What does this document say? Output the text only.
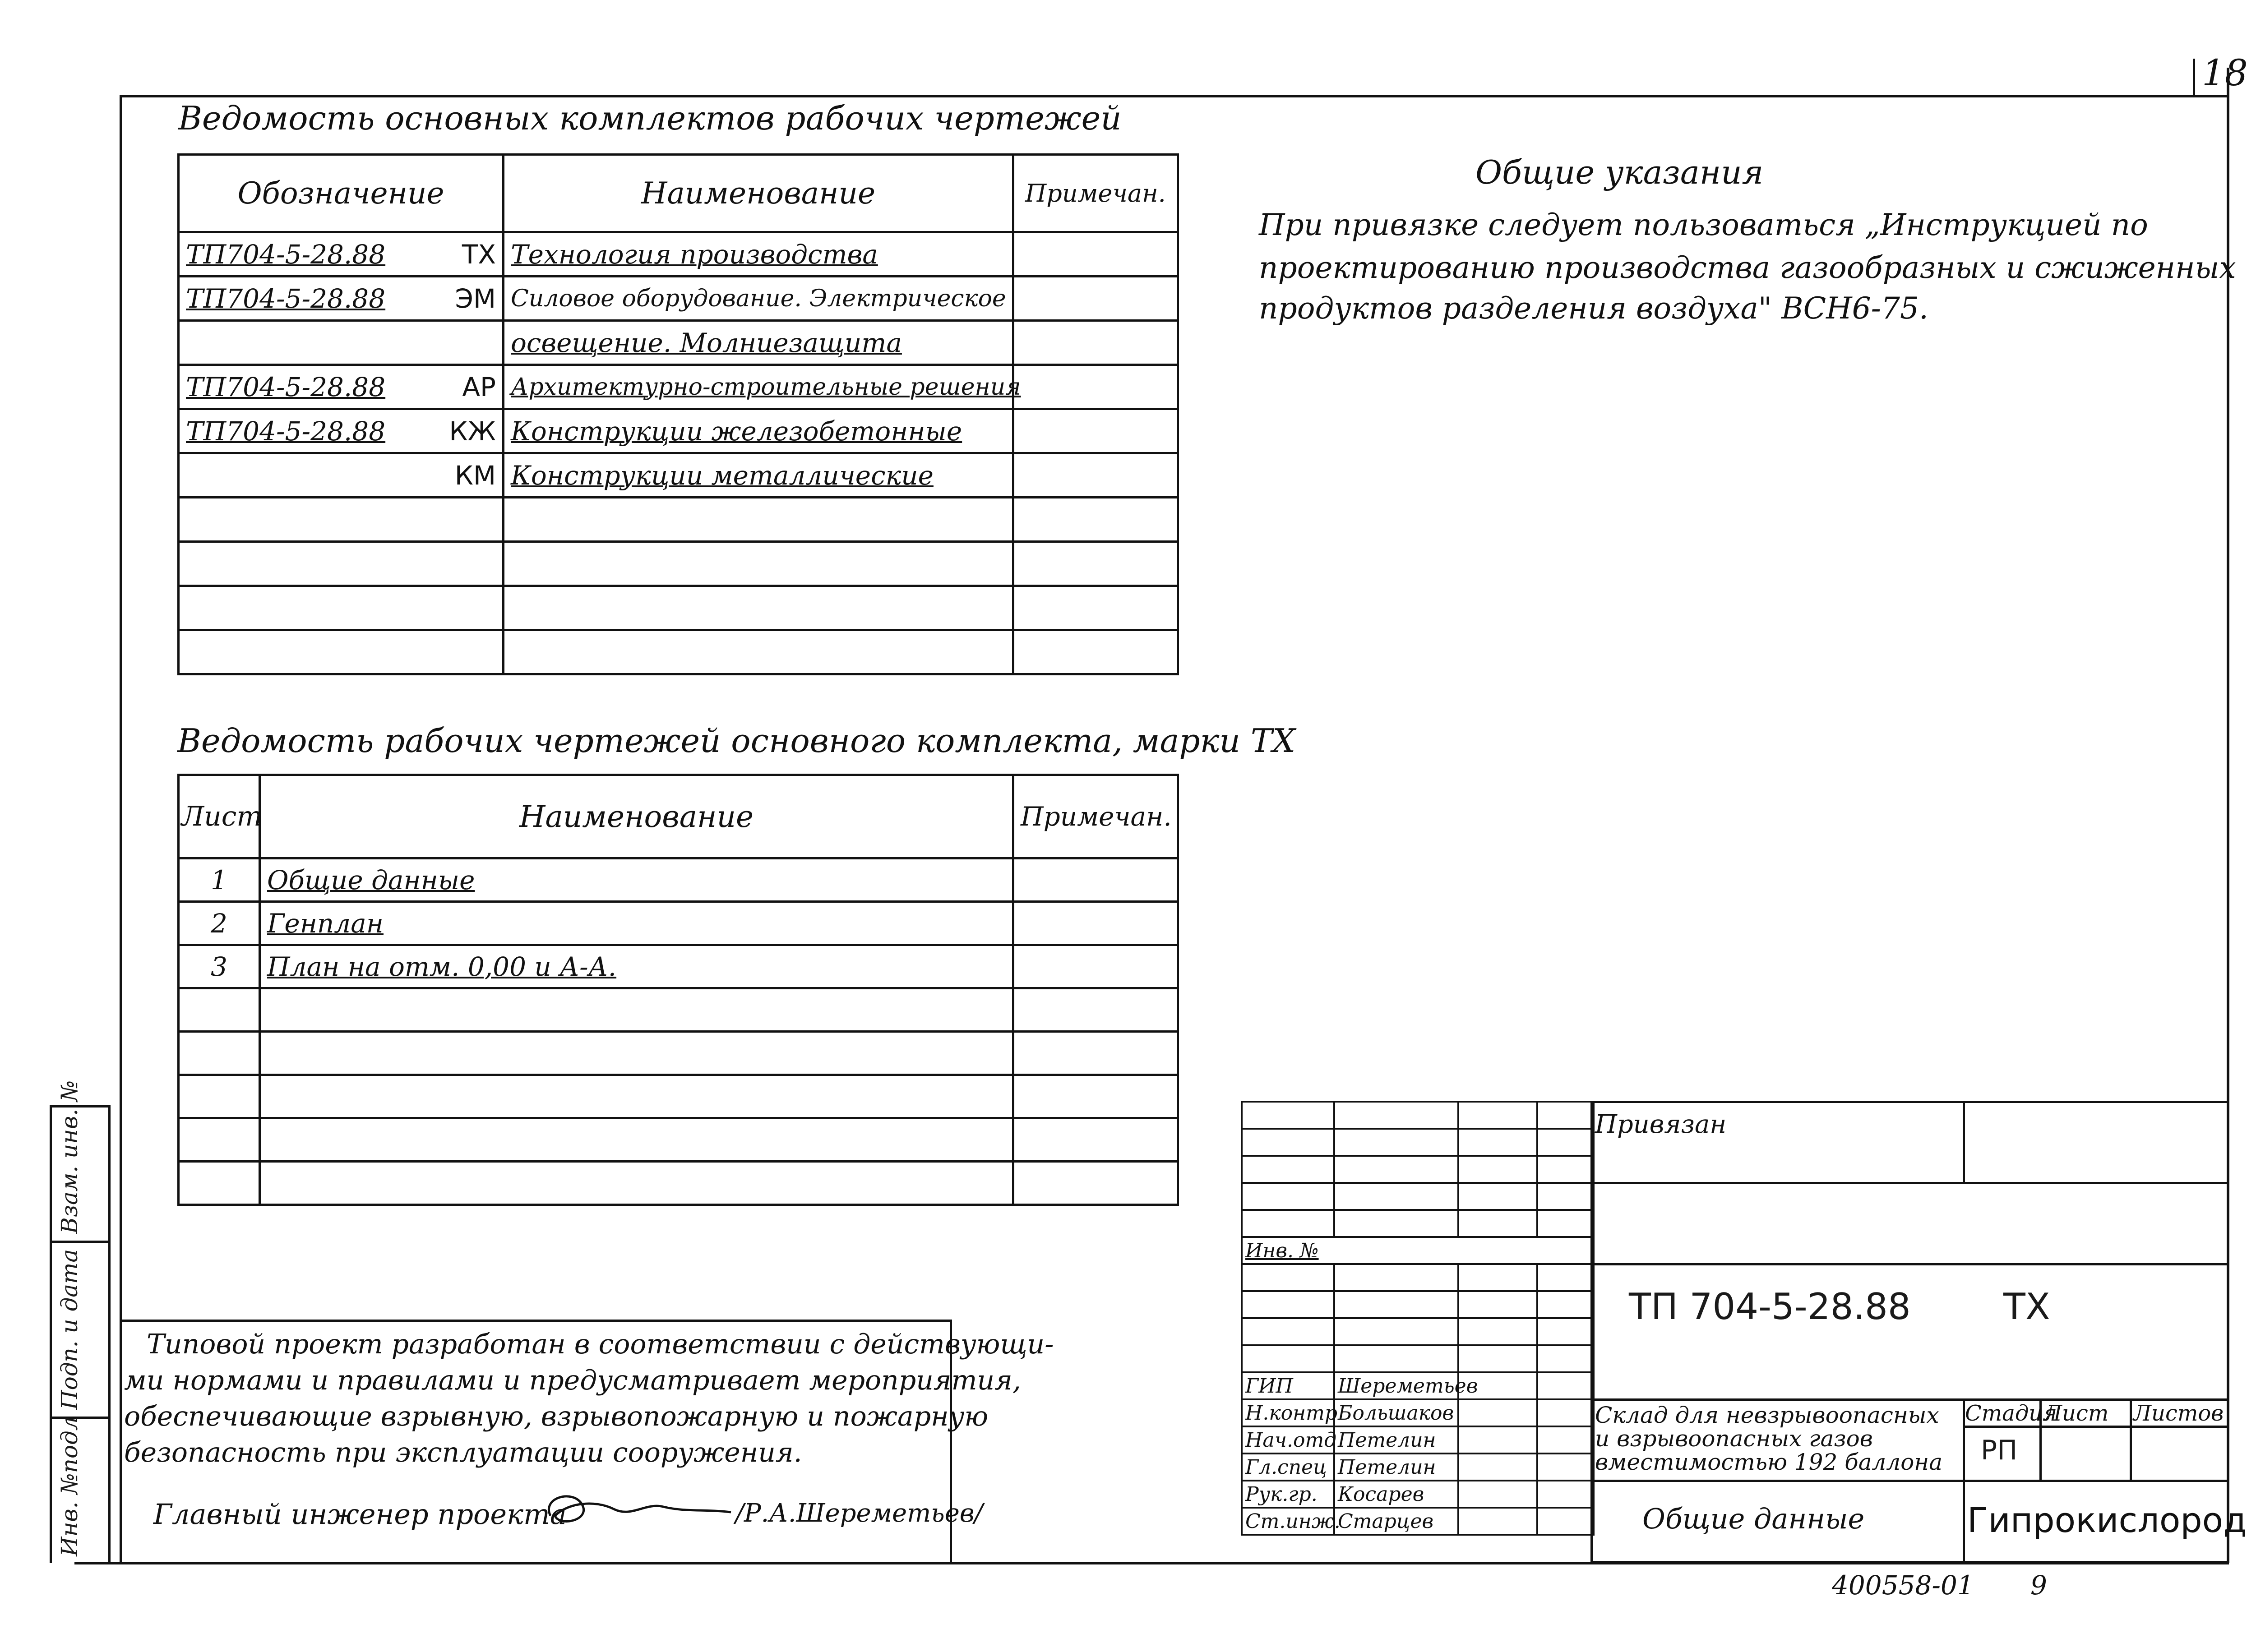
18
Ведомость основных комплектов рабочих чертежей
Обозначение	Наименование	Примечан.
ТП704-5-28.88 ТХ	Технология производства	
ТП704-5-28.88 ЭМ	Силовое оборудование. Электрическое	
	освещение. Молниезащита	
ТП704-5-28.88 АР	Архитектурно-строительные решения	
ТП704-5-28.88 КЖ	Конструкции железобетонные	

КМ	Конструкции металлические	

Ведомость рабочих чертежей основного комплекта, марки ТХ
Лист	Наименование	Примечан.
1	Общие данные	
2	Генплан	
3	План на отм. 0,00 и А-А.	

Общие указания
При привязке следует пользоваться „Инструкцией по
проектированию производства газообразных и сжиженных
продуктов разделения воздуха" ВСН6-75.
Типовой проект разработан в соответствии с действующи-
ми нормами и правилами и предусматривает мероприятия,
обеспечивающие взрывную, взрывопожарную и пожарную
безопасность при эксплуатации сооружения.
Главный инженер проекта	/Р.А.Шереметьев/
Взам. инв. №
Подп. и дата
Инв. №подл

Инв. №			

ГИП	Шереметьев		
Н.контр	Большаков		
Нач.отд	Петелин		
Гл.спец	Петелин		
Рук.гр.	Косарев		
Ст.инж.	Старцев		
Привязан
ТП 704-5-28.88	ТХ
Склад для невзрывоопасных
и взрывоопасных газов
вместимостью 192 баллона
Стадия
Лист Листов
РП
Общие данные	Гипрокислород
400558-01 9
